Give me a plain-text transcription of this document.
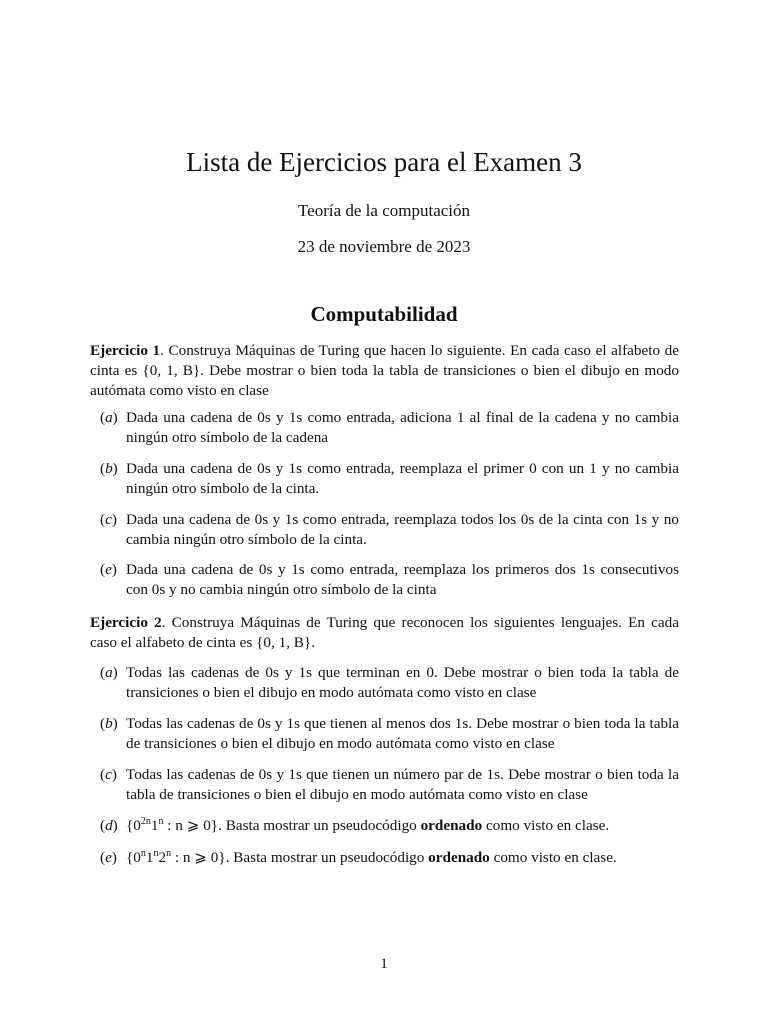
Lista de Ejercicios para el Examen 3
Teoría de la computación
23 de noviembre de 2023
Computabilidad
Ejercicio 1. Construya Máquinas de Turing que hacen lo siguiente. En cada caso el alfabeto de cinta es {0, 1, B}. Debe mostrar o bien toda la tabla de transiciones o bien el dibujo en modo autómata como visto en clase
(a) Dada una cadena de 0s y 1s como entrada, adiciona 1 al final de la cadena y no cambia ningún otro símbolo de la cadena
(b) Dada una cadena de 0s y 1s como entrada, reemplaza el primer 0 con un 1 y no cambia ningún otro símbolo de la cinta.
(c) Dada una cadena de 0s y 1s como entrada, reemplaza todos los 0s de la cinta con 1s y no cambia ningún otro símbolo de la cinta.
(e) Dada una cadena de 0s y 1s como entrada, reemplaza los primeros dos 1s consecutivos con 0s y no cambia ningún otro símbolo de la cinta
Ejercicio 2. Construya Máquinas de Turing que reconocen los siguientes lenguajes. En cada caso el alfabeto de cinta es {0, 1, B}.
(a) Todas las cadenas de 0s y 1s que terminan en 0. Debe mostrar o bien toda la tabla de transiciones o bien el dibujo en modo autómata como visto en clase
(b) Todas las cadenas de 0s y 1s que tienen al menos dos 1s. Debe mostrar o bien toda la tabla de transiciones o bien el dibujo en modo autómata como visto en clase
(c) Todas las cadenas de 0s y 1s que tienen un número par de 1s. Debe mostrar o bien toda la tabla de transiciones o bien el dibujo en modo autómata como visto en clase
(d) {$0^{2n}1^n$ : n ⩾ 0}. Basta mostrar un pseudocódigo ordenado como visto en clase.
(e) {0$^n$1$^n$2$^n$ : n ⩾ 0}. Basta mostrar un pseudocódigo ordenado como visto en clase.
1
